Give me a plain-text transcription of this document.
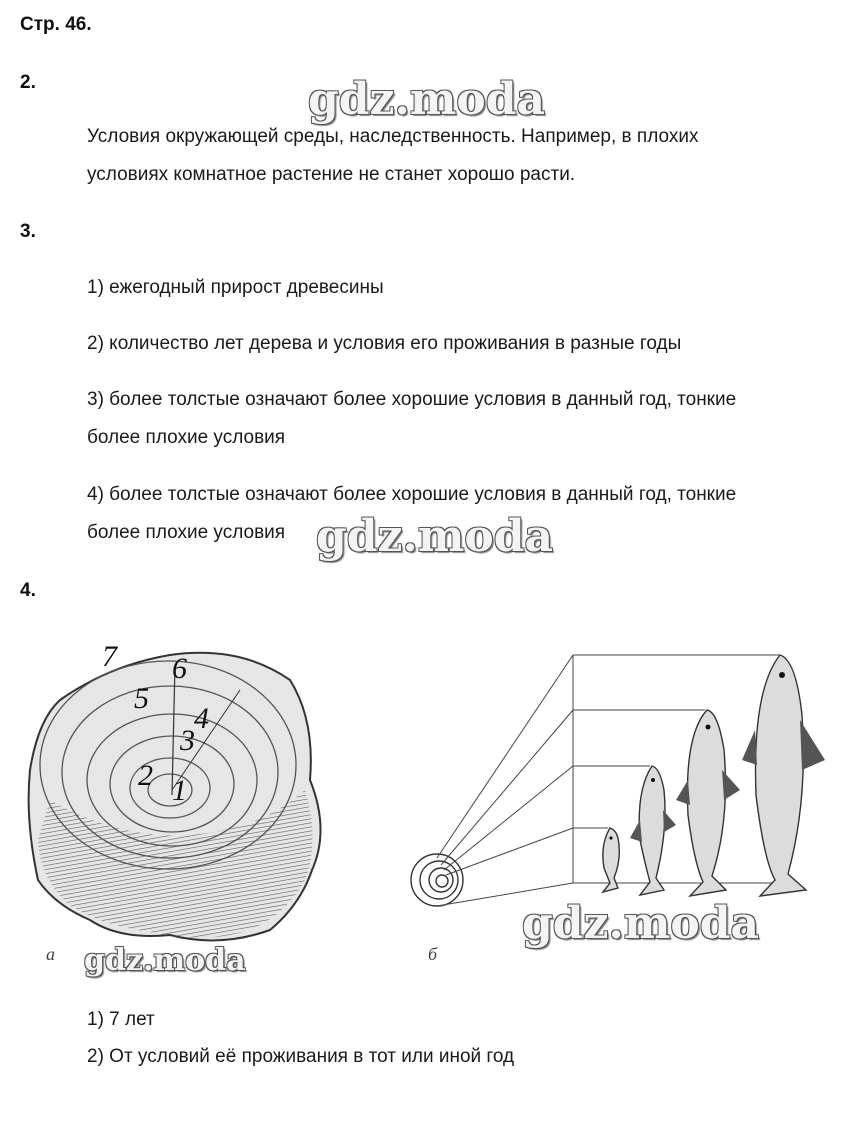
Стр. 46.
2.	gdz.moda
Условия окружающей среды, наследственность. Например, в плохих
условиях комнатное растение не станет хорошо расти.
3.
1) ежегодный прирост древесины
2) количество лет дерева и условия его проживания в разные годы
3) более толстые означают более хорошие условия в данный год, тонкие
более плохие условия
4) более толстые означают более хорошие условия в данный год, тонкие
более плохие условия gdz.moda
4.
1
2
3
4
5
6
7
gdz.moda
а gdz.moda	б
1) 7 лет
2) От условий её проживания в тот или иной год
